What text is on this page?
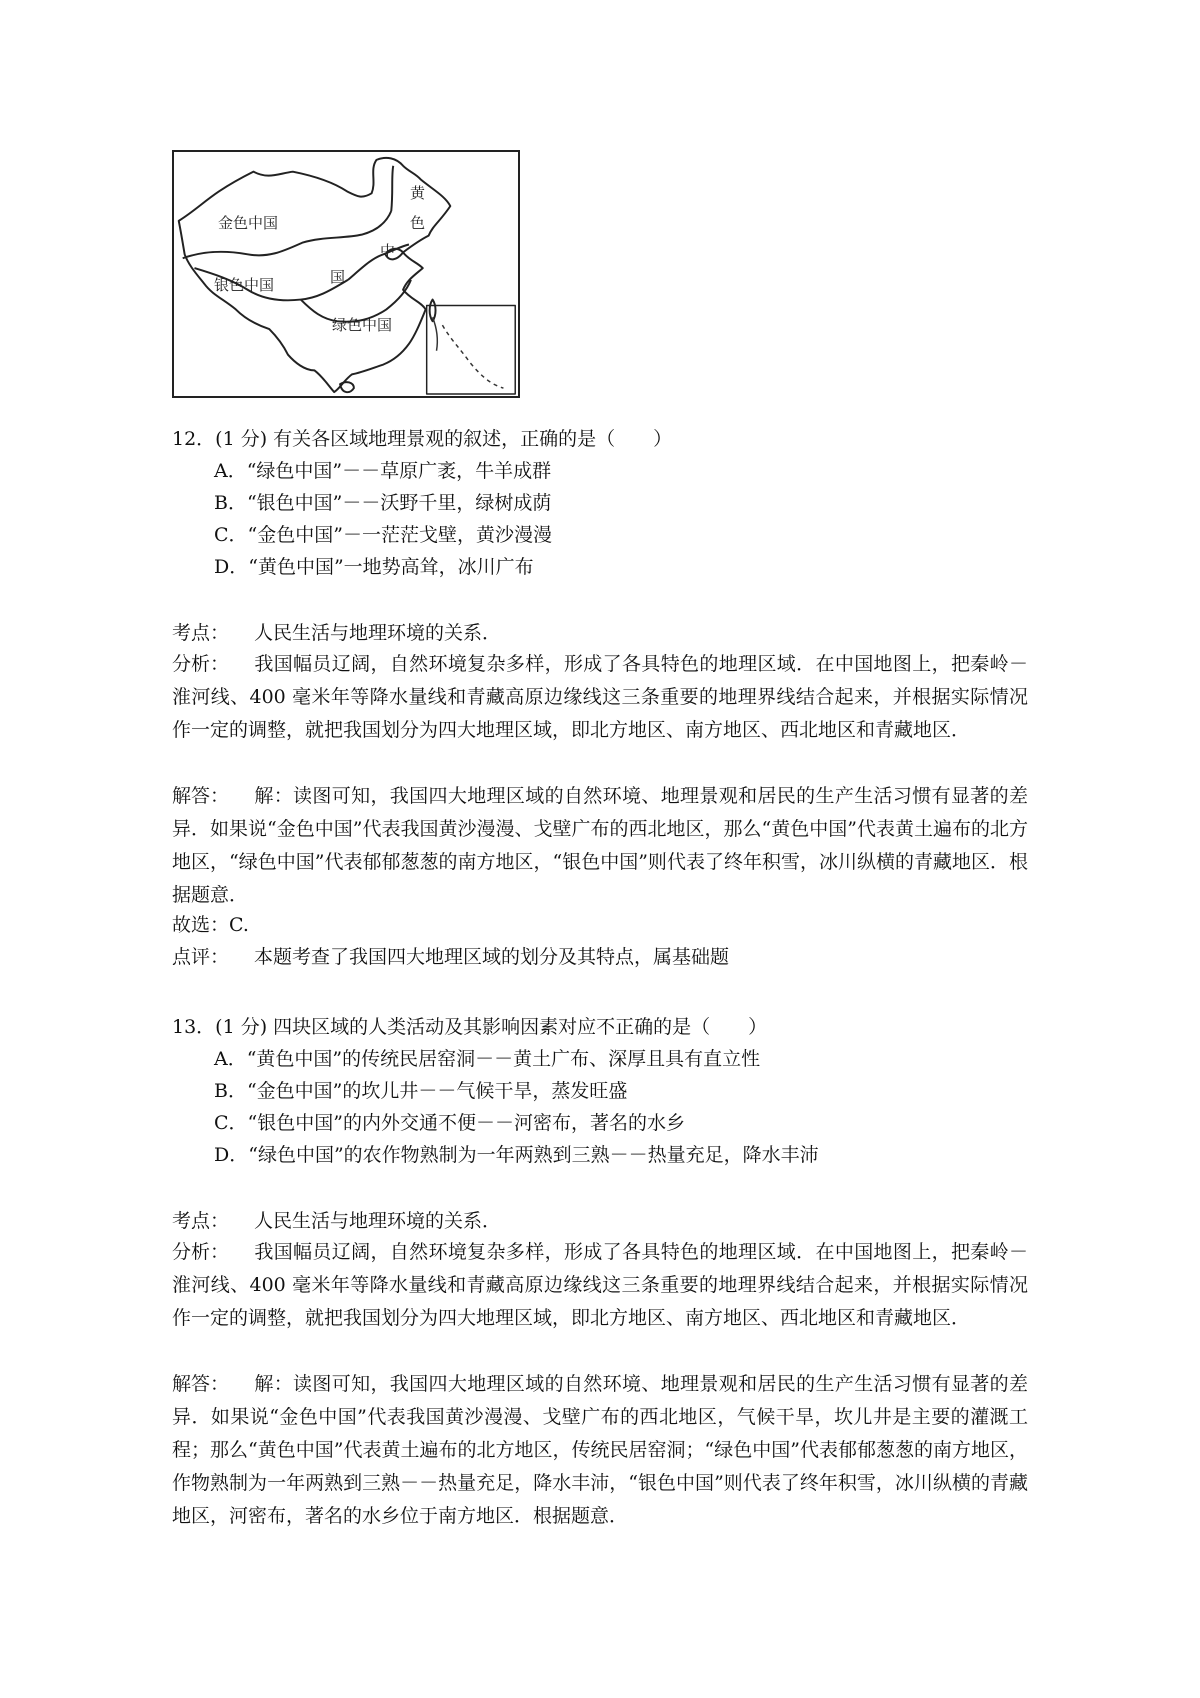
金色中国
银色中国
绿色中国
黄
色
中
国
12．(1 分) 有关各区域地理景观的叙述，正确的是（　　）
A．“绿色中国”－－草原广袤，牛羊成群
B．“银色中国”－－沃野千里，绿树成荫
C．“金色中国”－一茫茫戈壁，黄沙漫漫
D．“黄色中国”一地势高耸，冰川广布
考点： 人民生活与地理环境的关系．
分析： 我国幅员辽阔，自然环境复杂多样，形成了各具特色的地理区域．在中国地图上，把秦岭－淮河线、400 毫米年等降水量线和青藏高原边缘线这三条重要的地理界线结合起来，并根据实际情况作一定的调整，就把我国划分为四大地理区域，即北方地区、南方地区、西北地区和青藏地区．
解答： 解：读图可知，我国四大地理区域的自然环境、地理景观和居民的生产生活习惯有显著的差异．如果说“金色中国”代表我国黄沙漫漫、戈壁广布的西北地区，那么“黄色中国”代表黄土遍布的北方地区，“绿色中国”代表郁郁葱葱的南方地区，“银色中国”则代表了终年积雪，冰川纵横的青藏地区．根据题意．
故选：C.
点评： 本题考查了我国四大地理区域的划分及其特点，属基础题
13．(1 分) 四块区域的人类活动及其影响因素对应不正确的是（　　）
A．“黄色中国”的传统民居窑洞－－黄土广布、深厚且具有直立性
B．“金色中国”的坎儿井－－气候干旱，蒸发旺盛
C．“银色中国”的内外交通不便－－河密布，著名的水乡
D．“绿色中国”的农作物熟制为一年两熟到三熟－－热量充足，降水丰沛
考点： 人民生活与地理环境的关系．
分析： 我国幅员辽阔，自然环境复杂多样，形成了各具特色的地理区域．在中国地图上，把秦岭－淮河线、400 毫米年等降水量线和青藏高原边缘线这三条重要的地理界线结合起来，并根据实际情况作一定的调整，就把我国划分为四大地理区域，即北方地区、南方地区、西北地区和青藏地区．
解答： 解：读图可知，我国四大地理区域的自然环境、地理景观和居民的生产生活习惯有显著的差异．如果说“金色中国”代表我国黄沙漫漫、戈壁广布的西北地区，气候干旱，坎儿井是主要的灌溉工程；那么“黄色中国”代表黄土遍布的北方地区，传统民居窑洞；“绿色中国”代表郁郁葱葱的南方地区，作物熟制为一年两熟到三熟－－热量充足，降水丰沛，“银色中国”则代表了终年积雪，冰川纵横的青藏地区，河密布，著名的水乡位于南方地区．根据题意．
